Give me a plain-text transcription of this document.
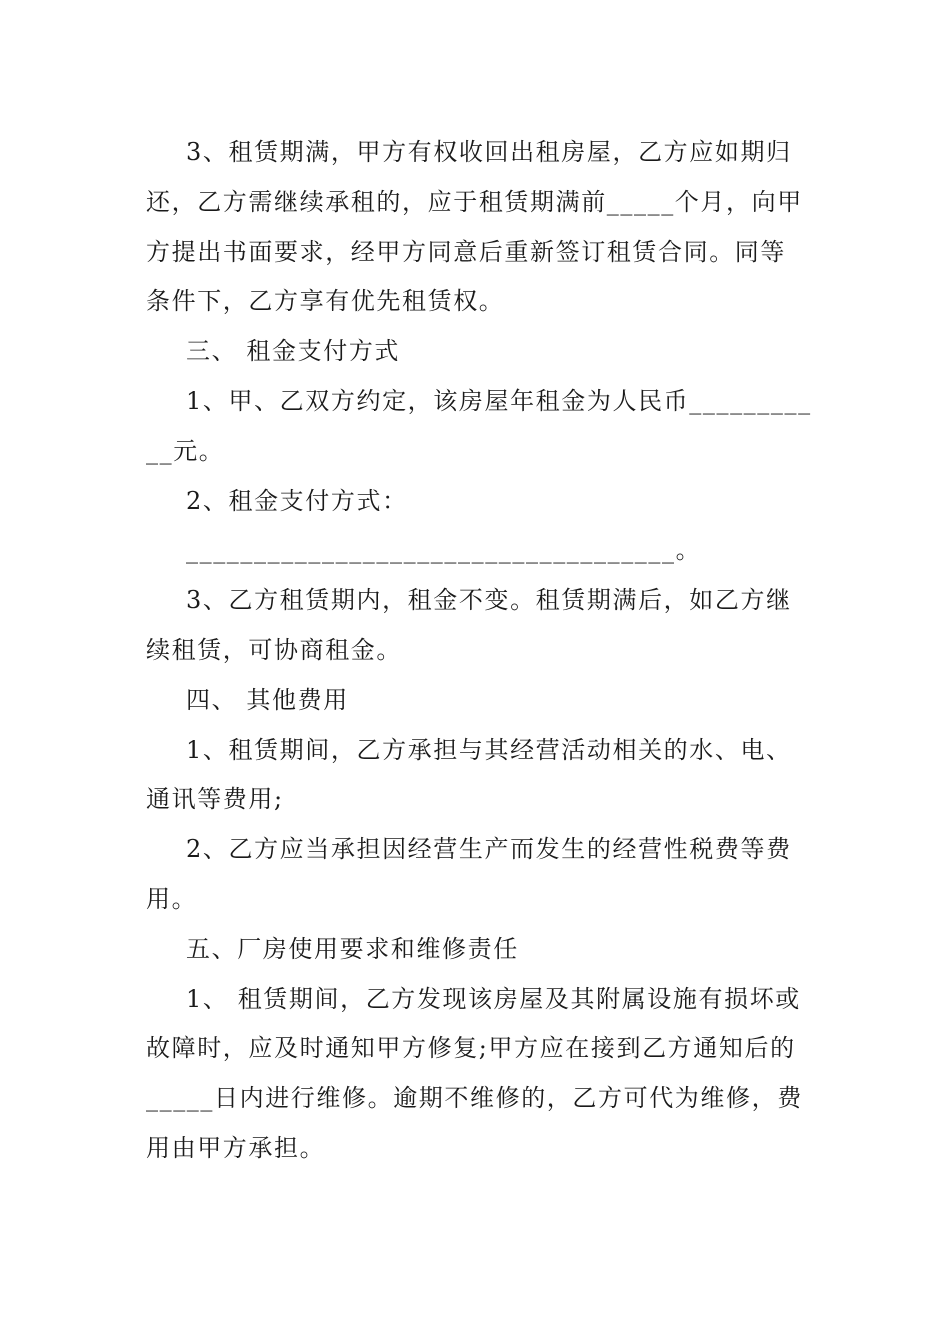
3、租赁期满，甲方有权收回出租房屋，乙方应如期归
还，乙方需继续承租的，应于租赁期满前_____个月，向甲
方提出书面要求，经甲方同意后重新签订租赁合同。同等
条件下，乙方享有优先租赁权。
三、 租金支付方式
1、甲、乙双方约定，该房屋年租金为人民币_________
__元。
2、租金支付方式：
____________________________________。
3、乙方租赁期内，租金不变。租赁期满后，如乙方继
续租赁，可协商租金。
四、 其他费用
1、租赁期间，乙方承担与其经营活动相关的水、电、
通讯等费用;
2、乙方应当承担因经营生产而发生的经营性税费等费
用。
五、厂房使用要求和维修责任
1、 租赁期间，乙方发现该房屋及其附属设施有损坏或
故障时，应及时通知甲方修复;甲方应在接到乙方通知后的
_____日内进行维修。逾期不维修的，乙方可代为维修，费
用由甲方承担。
